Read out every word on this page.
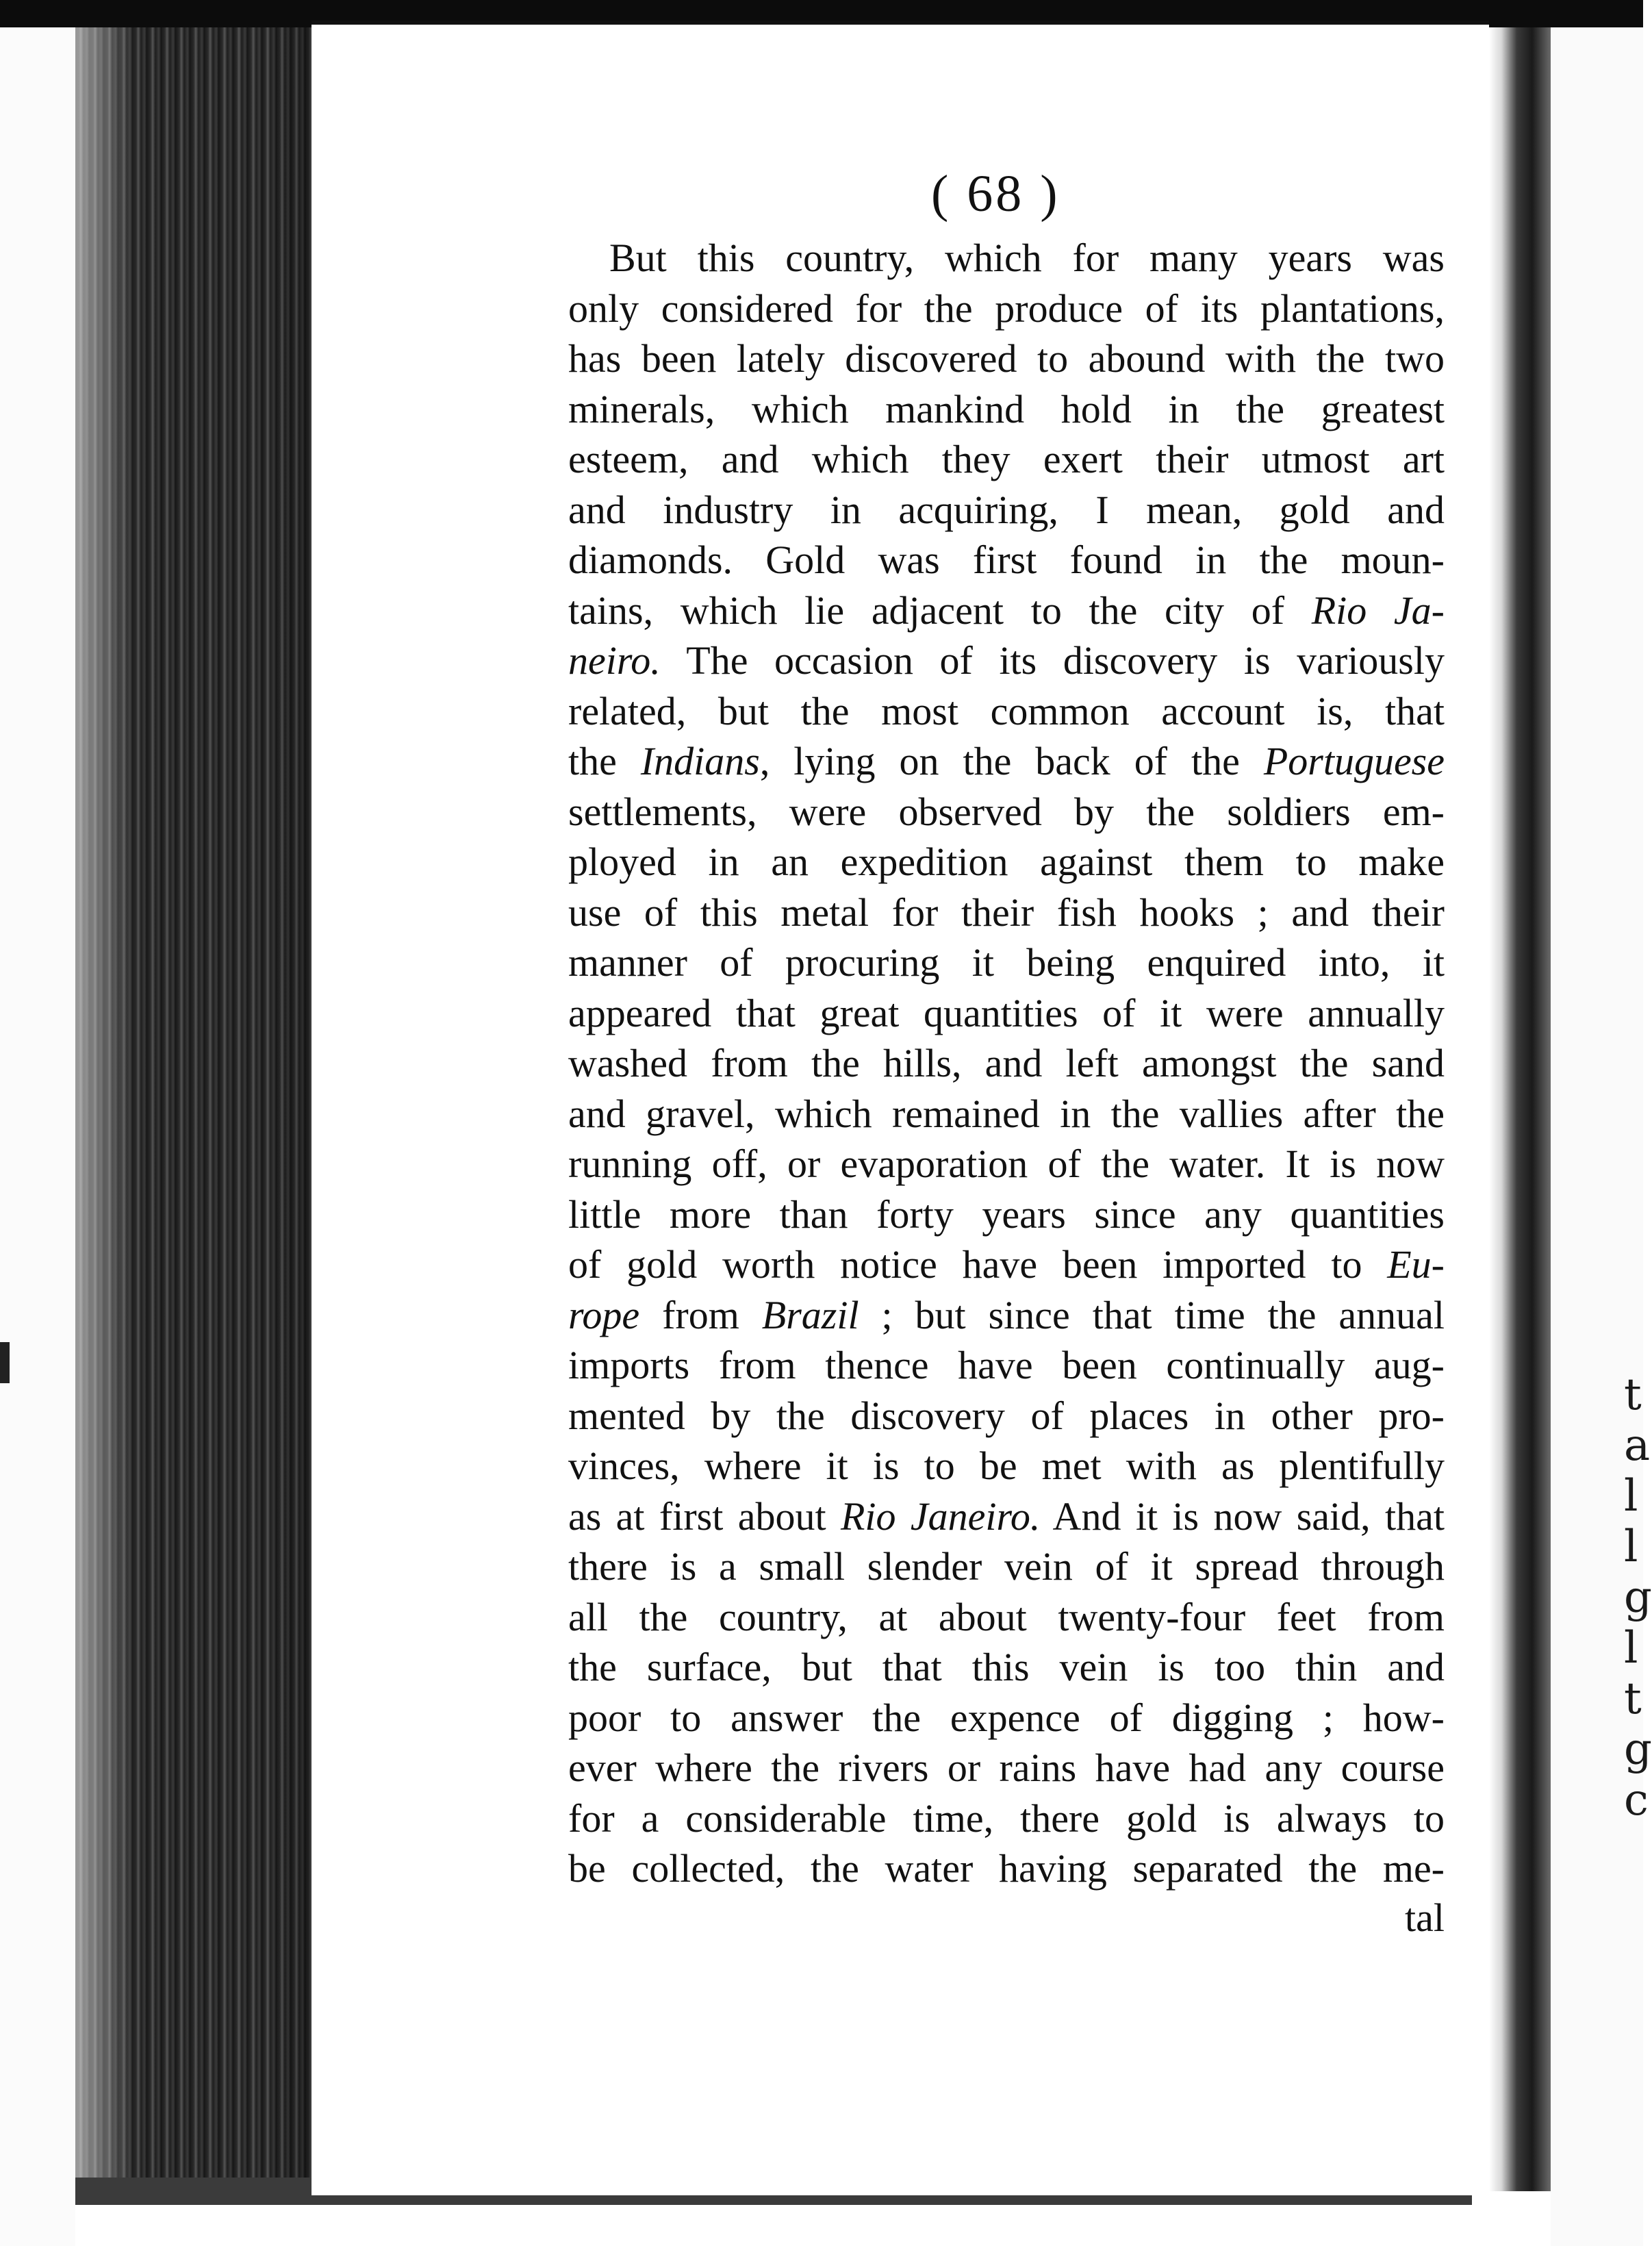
t
a
l
l
g
l
t
g
c
( 68 )
But this country, which for many years was
only considered for the produce of its plantations,
has been lately discovered to abound with the two
minerals, which mankind hold in the greatest
esteem, and which they exert their utmost art
and industry in acquiring, I mean, gold and
diamonds. Gold was first found in the moun-
tains, which lie adjacent to the city of Rio Ja-
neiro. The occasion of its discovery is variously
related, but the most common account is, that
the Indians, lying on the back of the Portuguese
settlements, were observed by the soldiers em-
ployed in an expedition against them to make
use of this metal for their fish hooks ; and their
manner of procuring it being enquired into, it
appeared that great quantities of it were annually
washed from the hills, and left amongst the sand
and gravel, which remained in the vallies after the
running off, or evaporation of the water. It is now
little more than forty years since any quantities
of gold worth notice have been imported to Eu-
rope from Brazil ; but since that time the annual
imports from thence have been continually aug-
mented by the discovery of places in other pro-
vinces, where it is to be met with as plentifully
as at first about Rio Janeiro. And it is now said, that
there is a small slender vein of it spread through
all the country, at about twenty-four feet from
the surface, but that this vein is too thin and
poor to answer the expence of digging ; how-
ever where the rivers or rains have had any course
for a considerable time, there gold is always to
be collected, the water having separated the me-
tal
